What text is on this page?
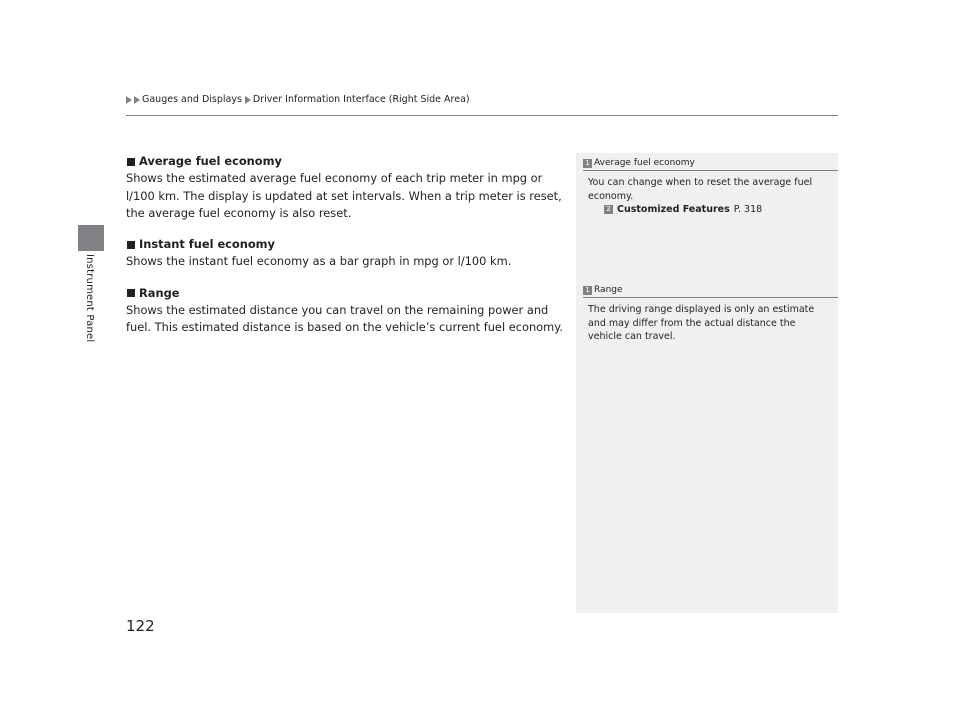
Instrument Panel
Gauges and Displays Driver Information Interface (Right Side Area)
Average fuel economy

Shows the estimated average fuel economy of each trip meter in mpg or l/100 km. The display is updated at set intervals. When a trip meter is reset, the average fuel economy is also reset.

Instant fuel economy

Shows the instant fuel economy as a bar graph in mpg or l/100 km.

Range

Shows the estimated distance you can travel on the remaining power and fuel. This estimated distance is based on the vehicle’s current fuel economy.

1 Average fuel economy

You can change when to reset the average fuel economy.

2 Customized Features P. 318
1 Range

The driving range displayed is only an estimate and may differ from the actual distance the vehicle can travel.

122
